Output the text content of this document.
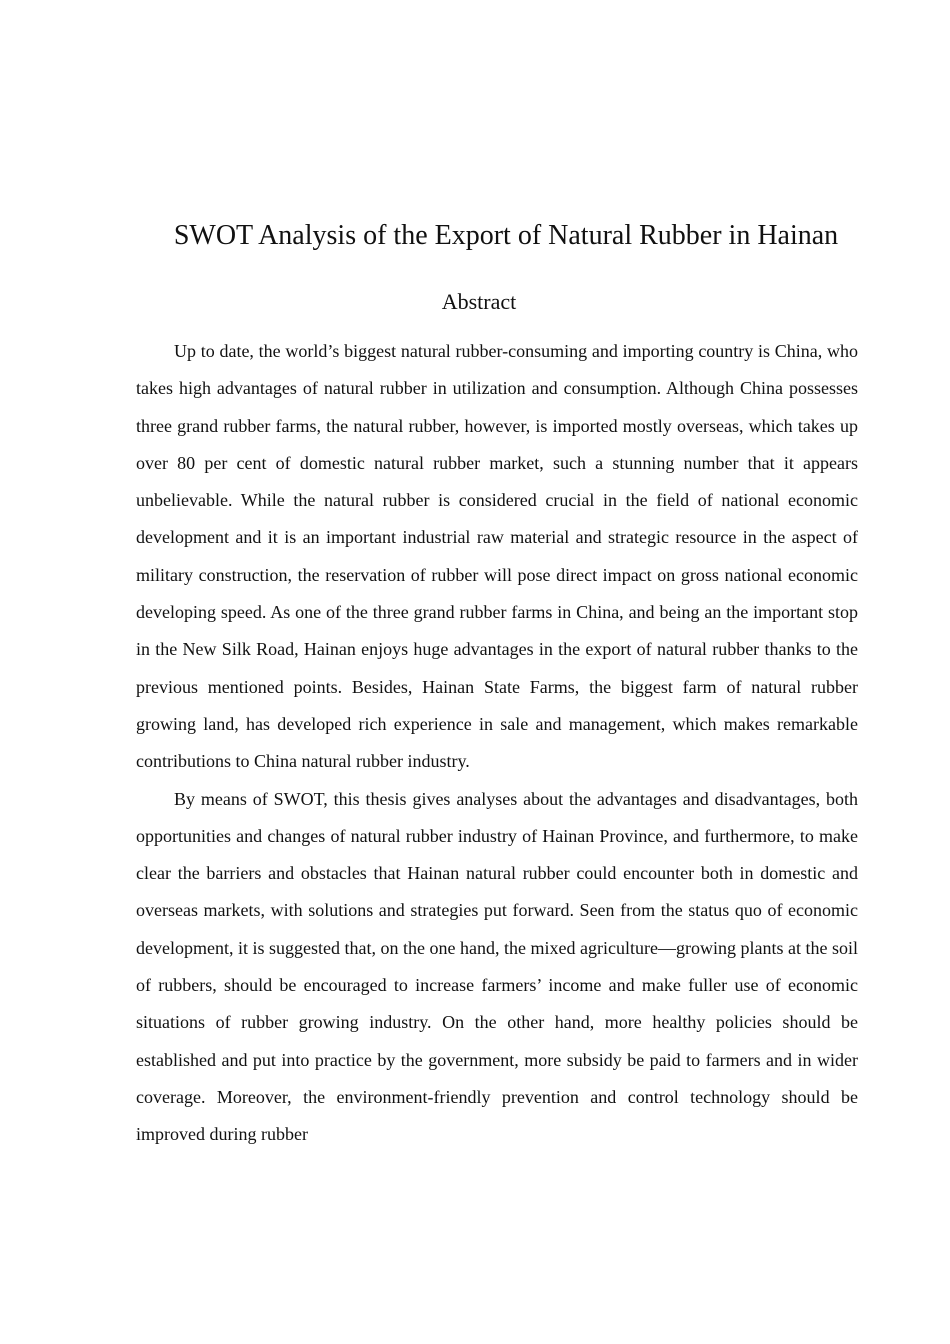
SWOT Analysis of the Export of Natural Rubber in Hainan
Abstract

Up to date, the world’s biggest natural rubber-consuming and importing country is China, who takes high advantages of natural rubber in utilization and consumption. Although China possesses three grand rubber farms, the natural rubber, however, is imported mostly overseas, which takes up over 80 per cent of domestic natural rubber market, such a stunning number that it appears unbelievable. While the natural rubber is considered crucial in the field of national economic development and it is an important industrial raw material and strategic resource in the aspect of military construction, the reservation of rubber will pose direct impact on gross national economic developing speed. As one of the three grand rubber farms in China, and being an the important stop in the New Silk Road, Hainan enjoys huge advantages in the export of natural rubber thanks to the previous mentioned points. Besides, Hainan State Farms, the biggest farm of natural rubber growing land, has developed rich experience in sale and management, which makes remarkable contributions to China natural rubber industry.

By means of SWOT, this thesis gives analyses about the advantages and disadvantages, both opportunities and changes of natural rubber industry of Hainan Province, and furthermore, to make clear the barriers and obstacles that Hainan natural rubber could encounter both in domestic and overseas markets, with solutions and strategies put forward. Seen from the status quo of economic development, it is suggested that, on the one hand, the mixed agriculture—growing plants at the soil of rubbers, should be encouraged to increase farmers’ income and make fuller use of economic situations of rubber growing industry. On the other hand, more healthy policies should be established and put into practice by the government, more subsidy be paid to farmers and in wider coverage. Moreover, the environment-friendly prevention and control technology should be improved during rubber
